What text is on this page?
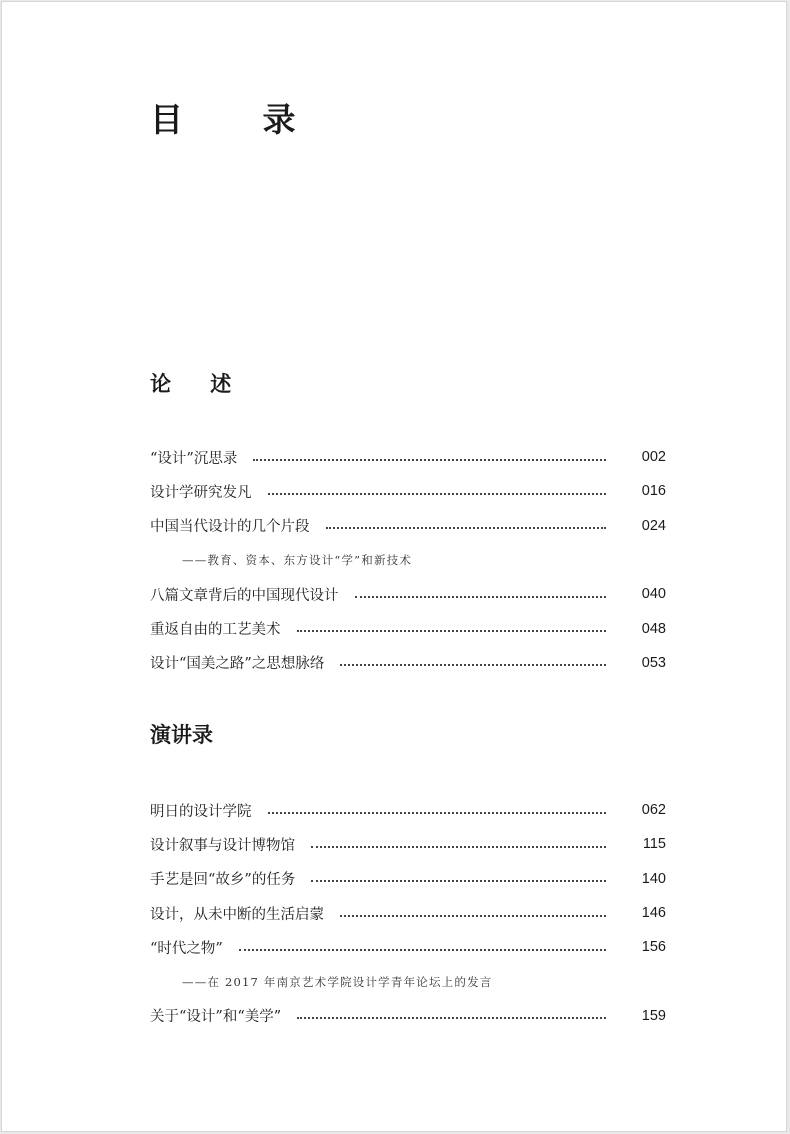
目 录
论 述
“设计”沉思录	002
设计学研究发凡	016
中国当代设计的几个片段	024
——教育、资本、东方设计“学”和新技术
八篇文章背后的中国现代设计	040
重返自由的工艺美术	048
设计“国美之路”之思想脉络	053
演讲录
明日的设计学院	062
设计叙事与设计博物馆	115
手艺是回“故乡”的任务	140
设计，从未中断的生活启蒙	146
“时代之物”	156
——在 2017 年南京艺术学院设计学青年论坛上的发言
关于“设计”和“美学”	159
